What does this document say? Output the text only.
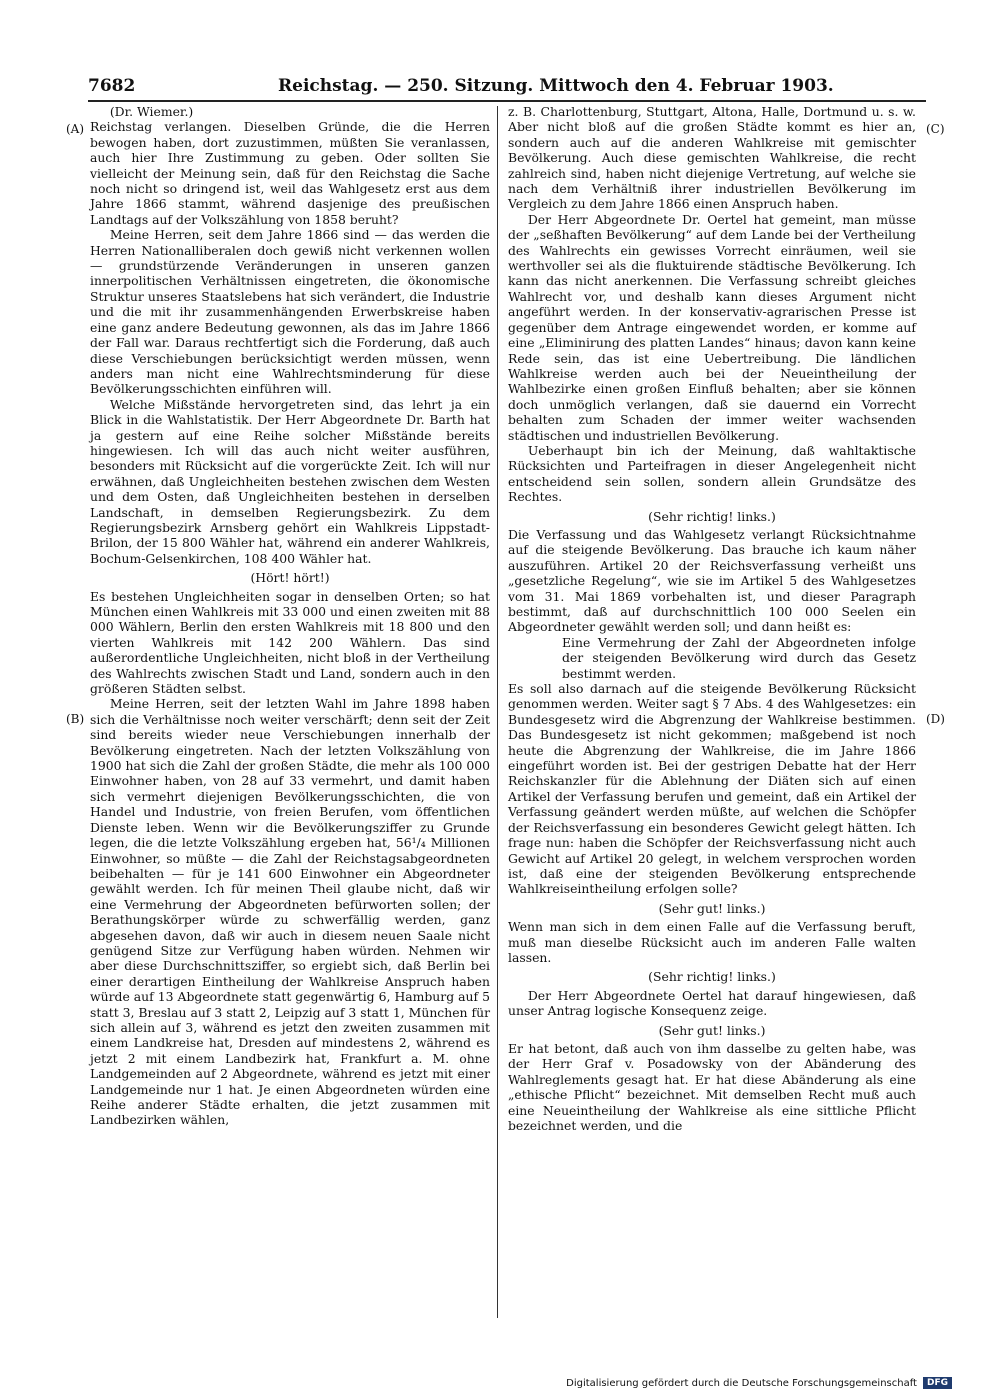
7682	Reichstag. — 250. Sitzung. Mittwoch den 4. Februar 1903.
(A)
(B)
(C)
(D)

(Dr. Wiemer.)

Reichstag verlangen. Dieselben Gründe, die die Herren bewogen haben, dort zuzustimmen, müßten Sie veranlassen, auch hier Ihre Zustimmung zu geben. Oder sollten Sie vielleicht der Meinung sein, daß für den Reichstag die Sache noch nicht so dringend ist, weil das Wahlgesetz erst aus dem Jahre 1866 stammt, während dasjenige des preußischen Landtags auf der Volkszählung von 1858 beruht?

Meine Herren, seit dem Jahre 1866 sind — das werden die Herren Nationalliberalen doch gewiß nicht verkennen wollen — grundstürzende Veränderungen in unseren ganzen innerpolitischen Verhältnissen eingetreten, die ökonomische Struktur unseres Staatslebens hat sich verändert, die Industrie und die mit ihr zusammenhängenden Erwerbskreise haben eine ganz andere Bedeutung gewonnen, als das im Jahre 1866 der Fall war. Daraus rechtfertigt sich die Forderung, daß auch diese Verschiebungen berücksichtigt werden müssen, wenn anders man nicht eine Wahlrechtsminderung für diese Bevölkerungsschichten einführen will.

Welche Mißstände hervorgetreten sind, das lehrt ja ein Blick in die Wahlstatistik. Der Herr Abgeordnete Dr. Barth hat ja gestern auf eine Reihe solcher Mißstände bereits hingewiesen. Ich will das auch nicht weiter ausführen, besonders mit Rücksicht auf die vorgerückte Zeit. Ich will nur erwähnen, daß Ungleichheiten bestehen zwischen dem Westen und dem Osten, daß Ungleichheiten bestehen in derselben Landschaft, in demselben Regierungsbezirk. Zu dem Regierungsbezirk Arnsberg gehört ein Wahlkreis Lippstadt-Brilon, der 15 800 Wähler hat, während ein anderer Wahlkreis, Bochum-Gelsenkirchen, 108 400 Wähler hat.

(Hört! hört!)

Es bestehen Ungleichheiten sogar in denselben Orten; so hat München einen Wahlkreis mit 33 000 und einen zweiten mit 88 000 Wählern, Berlin den ersten Wahlkreis mit 18 800 und den vierten Wahlkreis mit 142 200 Wählern. Das sind außerordentliche Ungleichheiten, nicht bloß in der Vertheilung des Wahlrechts zwischen Stadt und Land, sondern auch in den größeren Städten selbst.

Meine Herren, seit der letzten Wahl im Jahre 1898 haben sich die Verhältnisse noch weiter verschärft; denn seit der Zeit sind bereits wieder neue Verschiebungen innerhalb der Bevölkerung eingetreten. Nach der letzten Volkszählung von 1900 hat sich die Zahl der großen Städte, die mehr als 100 000 Einwohner haben, von 28 auf 33 vermehrt, und damit haben sich vermehrt diejenigen Bevölkerungsschichten, die von Handel und Industrie, von freien Berufen, vom öffentlichen Dienste leben. Wenn wir die Bevölkerungsziffer zu Grunde legen, die die letzte Volkszählung ergeben hat, 56¹/₄ Millionen Einwohner, so müßte — die Zahl der Reichstagsabgeordneten beibehalten — für je 141 600 Einwohner ein Abgeordneter gewählt werden. Ich für meinen Theil glaube nicht, daß wir eine Vermehrung der Abgeordneten befürworten sollen; der Berathungskörper würde zu schwerfällig werden, ganz abgesehen davon, daß wir auch in diesem neuen Saale nicht genügend Sitze zur Verfügung haben würden. Nehmen wir aber diese Durchschnittsziffer, so ergiebt sich, daß Berlin bei einer derartigen Eintheilung der Wahlkreise Anspruch haben würde auf 13 Abgeordnete statt gegenwärtig 6, Hamburg auf 5 statt 3, Breslau auf 3 statt 2, Leipzig auf 3 statt 1, München für sich allein auf 3, während es jetzt den zweiten zusammen mit einem Landkreise hat, Dresden auf mindestens 2, während es jetzt 2 mit einem Landbezirk hat, Frankfurt a. M. ohne Landgemeinden auf 2 Abgeordnete, während es jetzt mit einer Landgemeinde nur 1 hat. Je einen Abgeordneten würden eine Reihe anderer Städte erhalten, die jetzt zusammen mit Landbezirken wählen,

z. B. Charlottenburg, Stuttgart, Altona, Halle, Dortmund u. s. w. Aber nicht bloß auf die großen Städte kommt es hier an, sondern auch auf die anderen Wahlkreise mit gemischter Bevölkerung. Auch diese gemischten Wahlkreise, die recht zahlreich sind, haben nicht diejenige Vertretung, auf welche sie nach dem Verhältniß ihrer industriellen Bevölkerung im Vergleich zu dem Jahre 1866 einen Anspruch haben.

Der Herr Abgeordnete Dr. Oertel hat gemeint, man müsse der „seßhaften Bevölkerung“ auf dem Lande bei der Vertheilung des Wahlrechts ein gewisses Vorrecht einräumen, weil sie werthvoller sei als die fluktuirende städtische Bevölkerung. Ich kann das nicht anerkennen. Die Verfassung schreibt gleiches Wahlrecht vor, und deshalb kann dieses Argument nicht angeführt werden. In der konservativ-agrarischen Presse ist gegenüber dem Antrage eingewendet worden, er komme auf eine „Eliminirung des platten Landes“ hinaus; davon kann keine Rede sein, das ist eine Uebertreibung. Die ländlichen Wahlkreise werden auch bei der Neueintheilung der Wahlbezirke einen großen Einfluß behalten; aber sie können doch unmöglich verlangen, daß sie dauernd ein Vorrecht behalten zum Schaden der immer weiter wachsenden städtischen und industriellen Bevölkerung.

Ueberhaupt bin ich der Meinung, daß wahltaktische Rücksichten und Parteifragen in dieser Angelegenheit nicht entscheidend sein sollen, sondern allein Grundsätze des Rechtes.

(Sehr richtig! links.)

Die Verfassung und das Wahlgesetz verlangt Rücksichtnahme auf die steigende Bevölkerung. Das brauche ich kaum näher auszuführen. Artikel 20 der Reichsverfassung verheißt uns „gesetzliche Regelung“, wie sie im Artikel 5 des Wahlgesetzes vom 31. Mai 1869 vorbehalten ist, und dieser Paragraph bestimmt, daß auf durchschnittlich 100 000 Seelen ein Abgeordneter gewählt werden soll; und dann heißt es:

Eine Vermehrung der Zahl der Abgeordneten infolge der steigenden Bevölkerung wird durch das Gesetz bestimmt werden.

Es soll also darnach auf die steigende Bevölkerung Rücksicht genommen werden. Weiter sagt § 7 Abs. 4 des Wahlgesetzes: ein Bundesgesetz wird die Abgrenzung der Wahlkreise bestimmen. Das Bundesgesetz ist nicht gekommen; maßgebend ist noch heute die Abgrenzung der Wahlkreise, die im Jahre 1866 eingeführt worden ist. Bei der gestrigen Debatte hat der Herr Reichskanzler für die Ablehnung der Diäten sich auf einen Artikel der Verfassung berufen und gemeint, daß ein Artikel der Verfassung geändert werden müßte, auf welchen die Schöpfer der Reichsverfassung ein besonderes Gewicht gelegt hätten. Ich frage nun: haben die Schöpfer der Reichsverfassung nicht auch Gewicht auf Artikel 20 gelegt, in welchem versprochen worden ist, daß eine der steigenden Bevölkerung entsprechende Wahlkreiseintheilung erfolgen solle?

(Sehr gut! links.)

Wenn man sich in dem einen Falle auf die Verfassung beruft, muß man dieselbe Rücksicht auch im anderen Falle walten lassen.

(Sehr richtig! links.)

Der Herr Abgeordnete Oertel hat darauf hingewiesen, daß unser Antrag logische Konsequenz zeige.

(Sehr gut! links.)

Er hat betont, daß auch von ihm dasselbe zu gelten habe, was der Herr Graf v. Posadowsky von der Abänderung des Wahlreglements gesagt hat. Er hat diese Abänderung als eine „ethische Pflicht“ bezeichnet. Mit demselben Recht muß auch eine Neueintheilung der Wahlkreise als eine sittliche Pflicht bezeichnet werden, und die

Digitalisierung gefördert durch die Deutsche Forschungsgemeinschaft	DFG
